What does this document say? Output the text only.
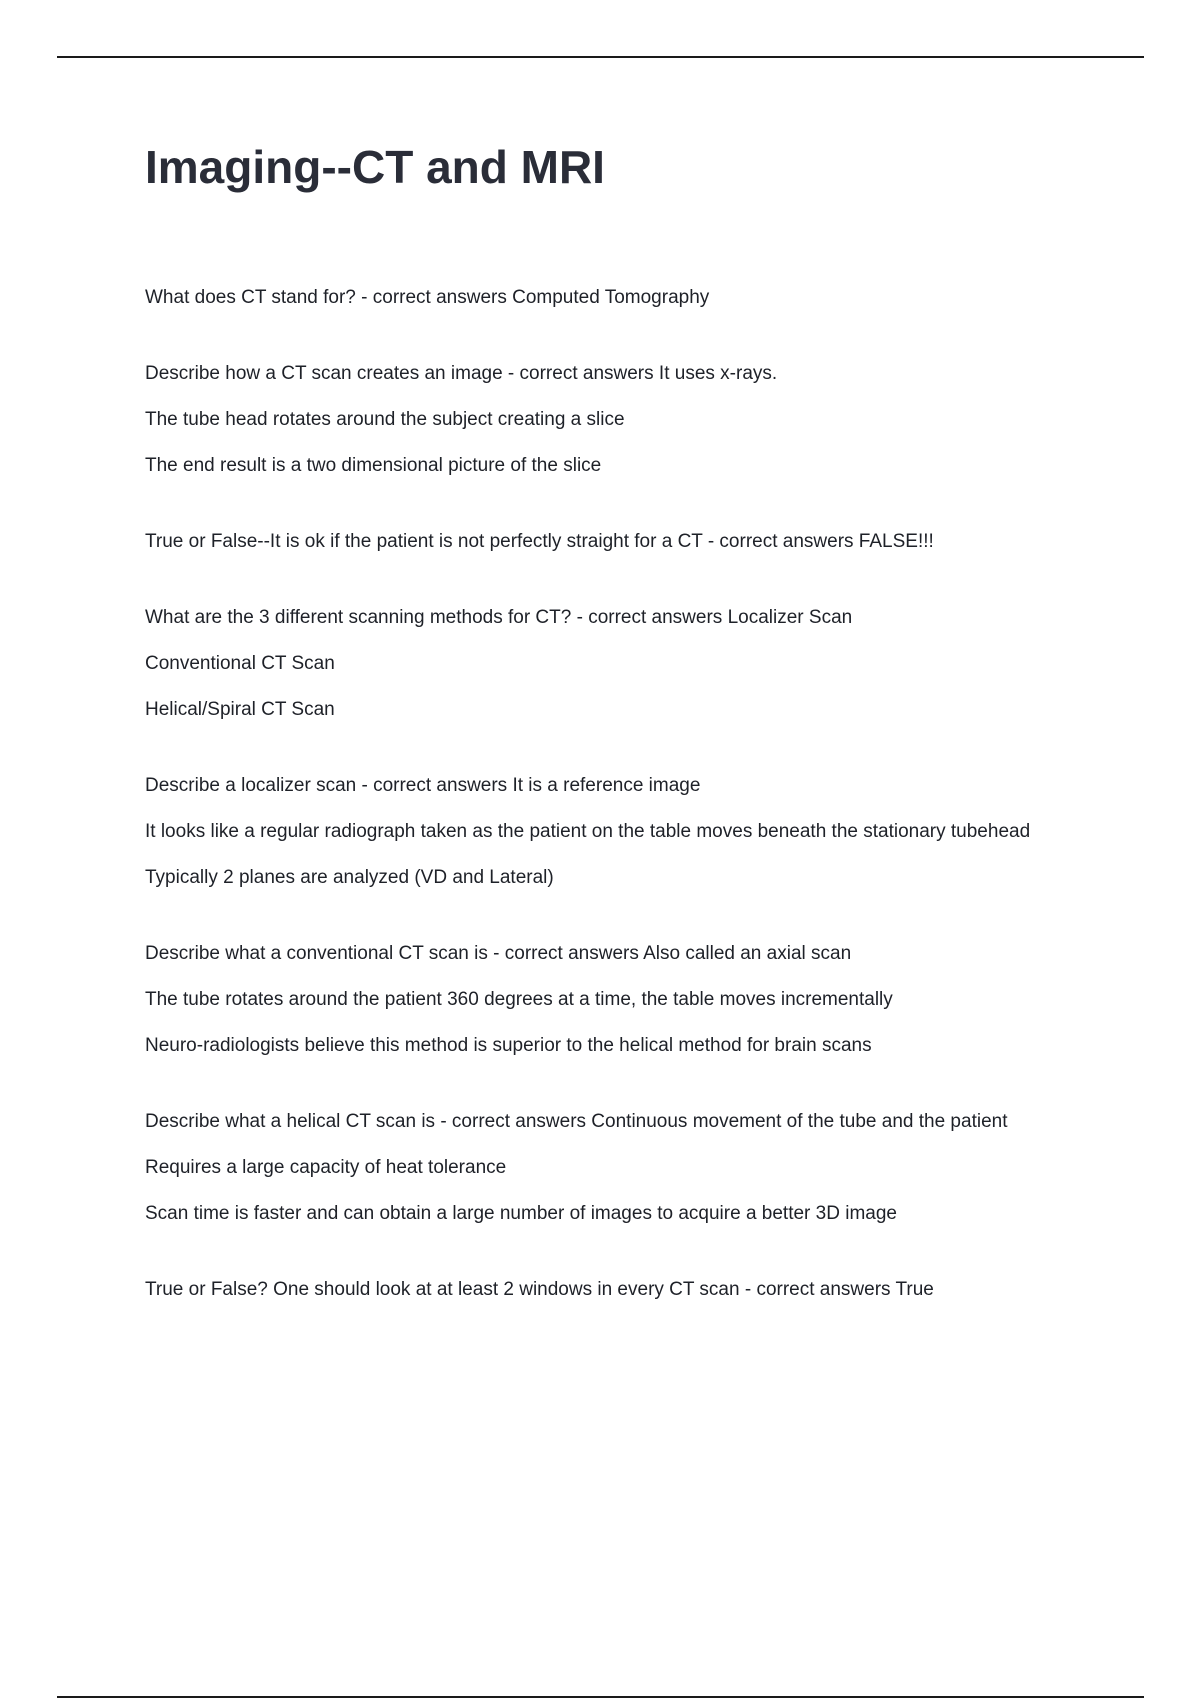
Imaging--CT and MRI

What does CT stand for? - correct answers Computed Tomography

Describe how a CT scan creates an image - correct answers It uses x-rays.

The tube head rotates around the subject creating a slice

The end result is a two dimensional picture of the slice

True or False--It is ok if the patient is not perfectly straight for a CT - correct answers FALSE!!!

What are the 3 different scanning methods for CT? - correct answers Localizer Scan

Conventional CT Scan

Helical/Spiral CT Scan

Describe a localizer scan - correct answers It is a reference image

It looks like a regular radiograph taken as the patient on the table moves beneath the stationary tubehead

Typically 2 planes are analyzed (VD and Lateral)

Describe what a conventional CT scan is - correct answers Also called an axial scan

The tube rotates around the patient 360 degrees at a time, the table moves incrementally

Neuro-radiologists believe this method is superior to the helical method for brain scans

Describe what a helical CT scan is - correct answers Continuous movement of the tube and the patient

Requires a large capacity of heat tolerance

Scan time is faster and can obtain a large number of images to acquire a better 3D image

True or False? One should look at at least 2 windows in every CT scan - correct answers True
